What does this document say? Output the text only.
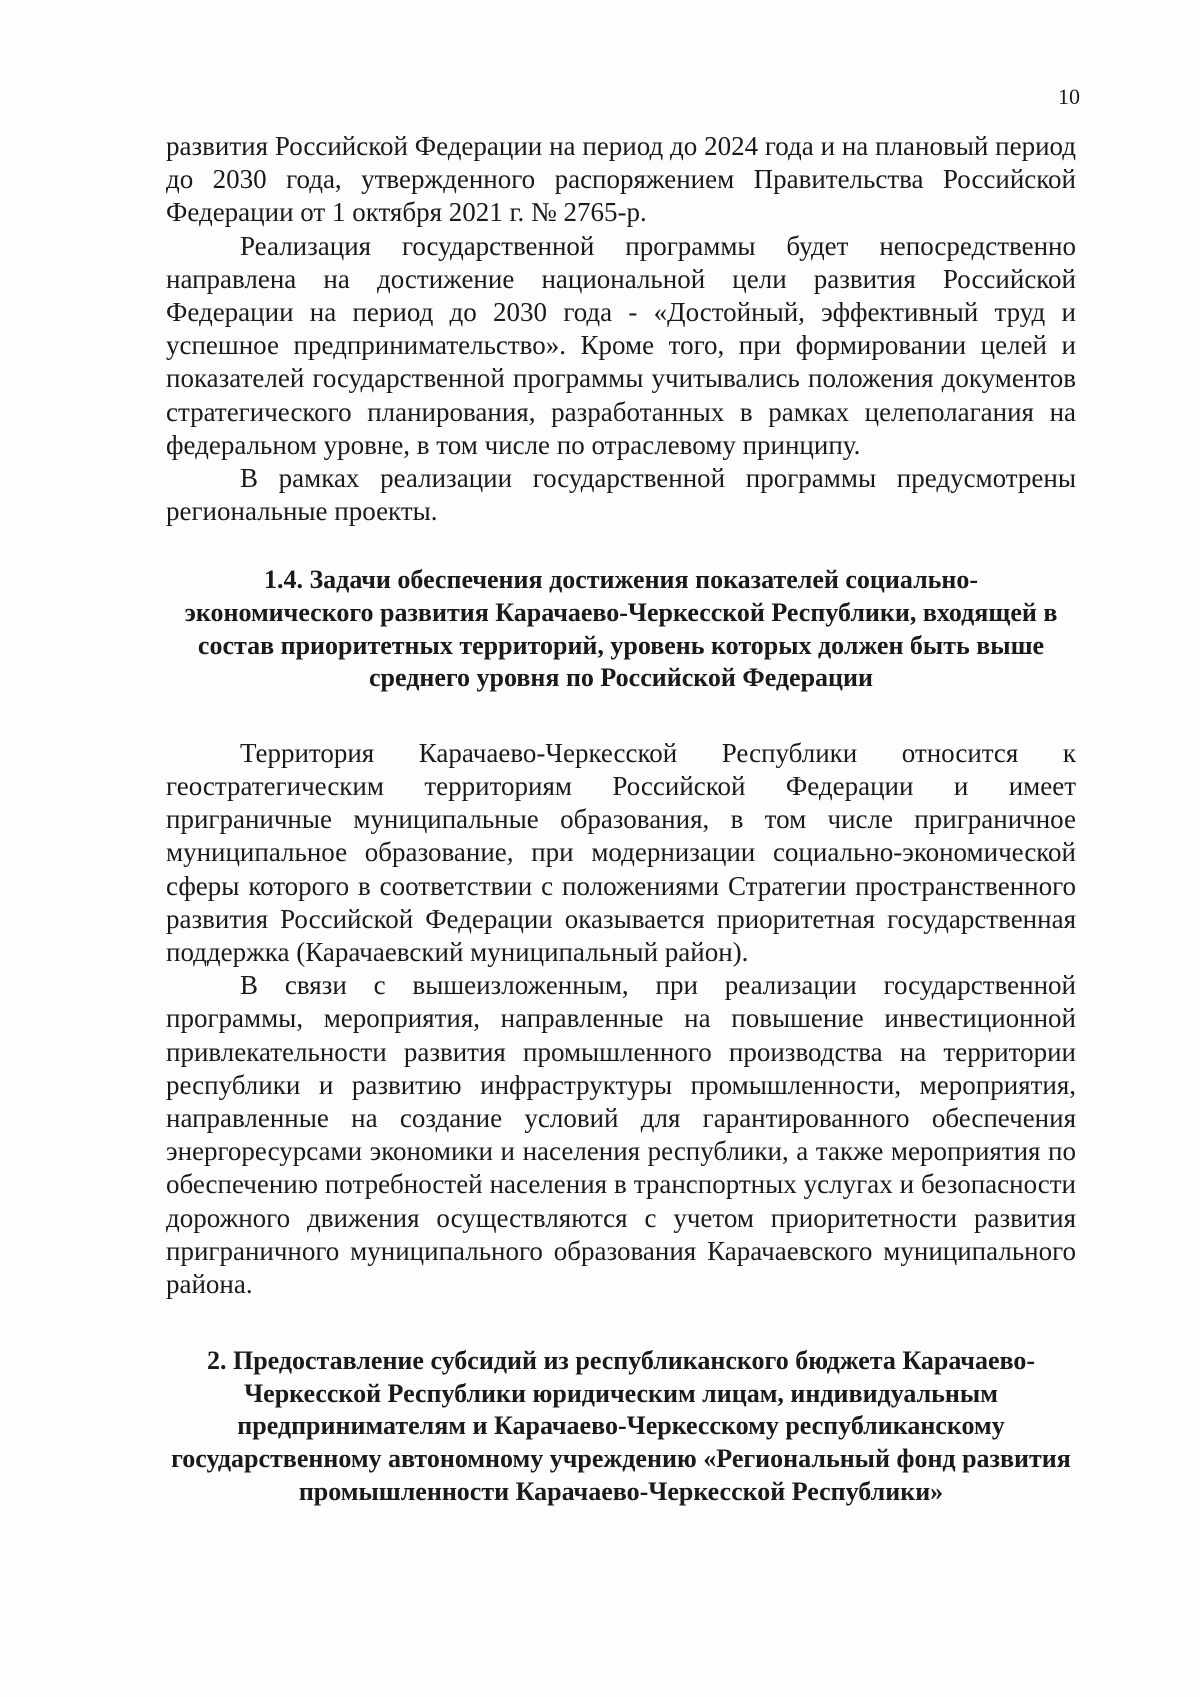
10

развития Российской Федерации на период до 2024 года и на плановый период до 2030 года, утвержденного распоряжением Правительства Российской Федерации от 1 октября 2021 г. № 2765-р.

Реализация государственной программы будет непосредственно направлена на достижение национальной цели развития Российской Федерации на период до 2030 года - «Достойный, эффективный труд и успешное предпринимательство». Кроме того, при формировании целей и показателей государственной программы учитывались положения документов стратегического планирования, разработанных в рамках целеполагания на федеральном уровне, в том числе по отраслевому принципу.

В рамках реализации государственной программы предусмотрены региональные проекты.

1.4. Задачи обеспечения достижения показателей социально-экономического развития Карачаево-Черкесской Республики, входящей в состав приоритетных территорий, уровень которых должен быть выше среднего уровня по Российской Федерации

Территория Карачаево-Черкесской Республики относится к геостратегическим территориям Российской Федерации и имеет приграничные муниципальные образования, в том числе приграничное муниципальное образование, при модернизации социально-экономической сферы которого в соответствии с положениями Стратегии пространственного развития Российской Федерации оказывается приоритетная государственная поддержка (Карачаевский муниципальный район).

В связи с вышеизложенным, при реализации государственной программы, мероприятия, направленные на повышение инвестиционной привлекательности развития промышленного производства на территории республики и развитию инфраструктуры промышленности, мероприятия, направленные на создание условий для гарантированного обеспечения энергоресурсами экономики и населения республики, а также мероприятия по обеспечению потребностей населения в транспортных услугах и безопасности дорожного движения осуществляются с учетом приоритетности развития приграничного муниципального образования Карачаевского муниципального района.

2. Предоставление субсидий из республиканского бюджета Карачаево-Черкесской Республики юридическим лицам, индивидуальным предпринимателям и Карачаево-Черкесскому республиканскому государственному автономному учреждению «Региональный фонд развития промышленности Карачаево-Черкесской Республики»
